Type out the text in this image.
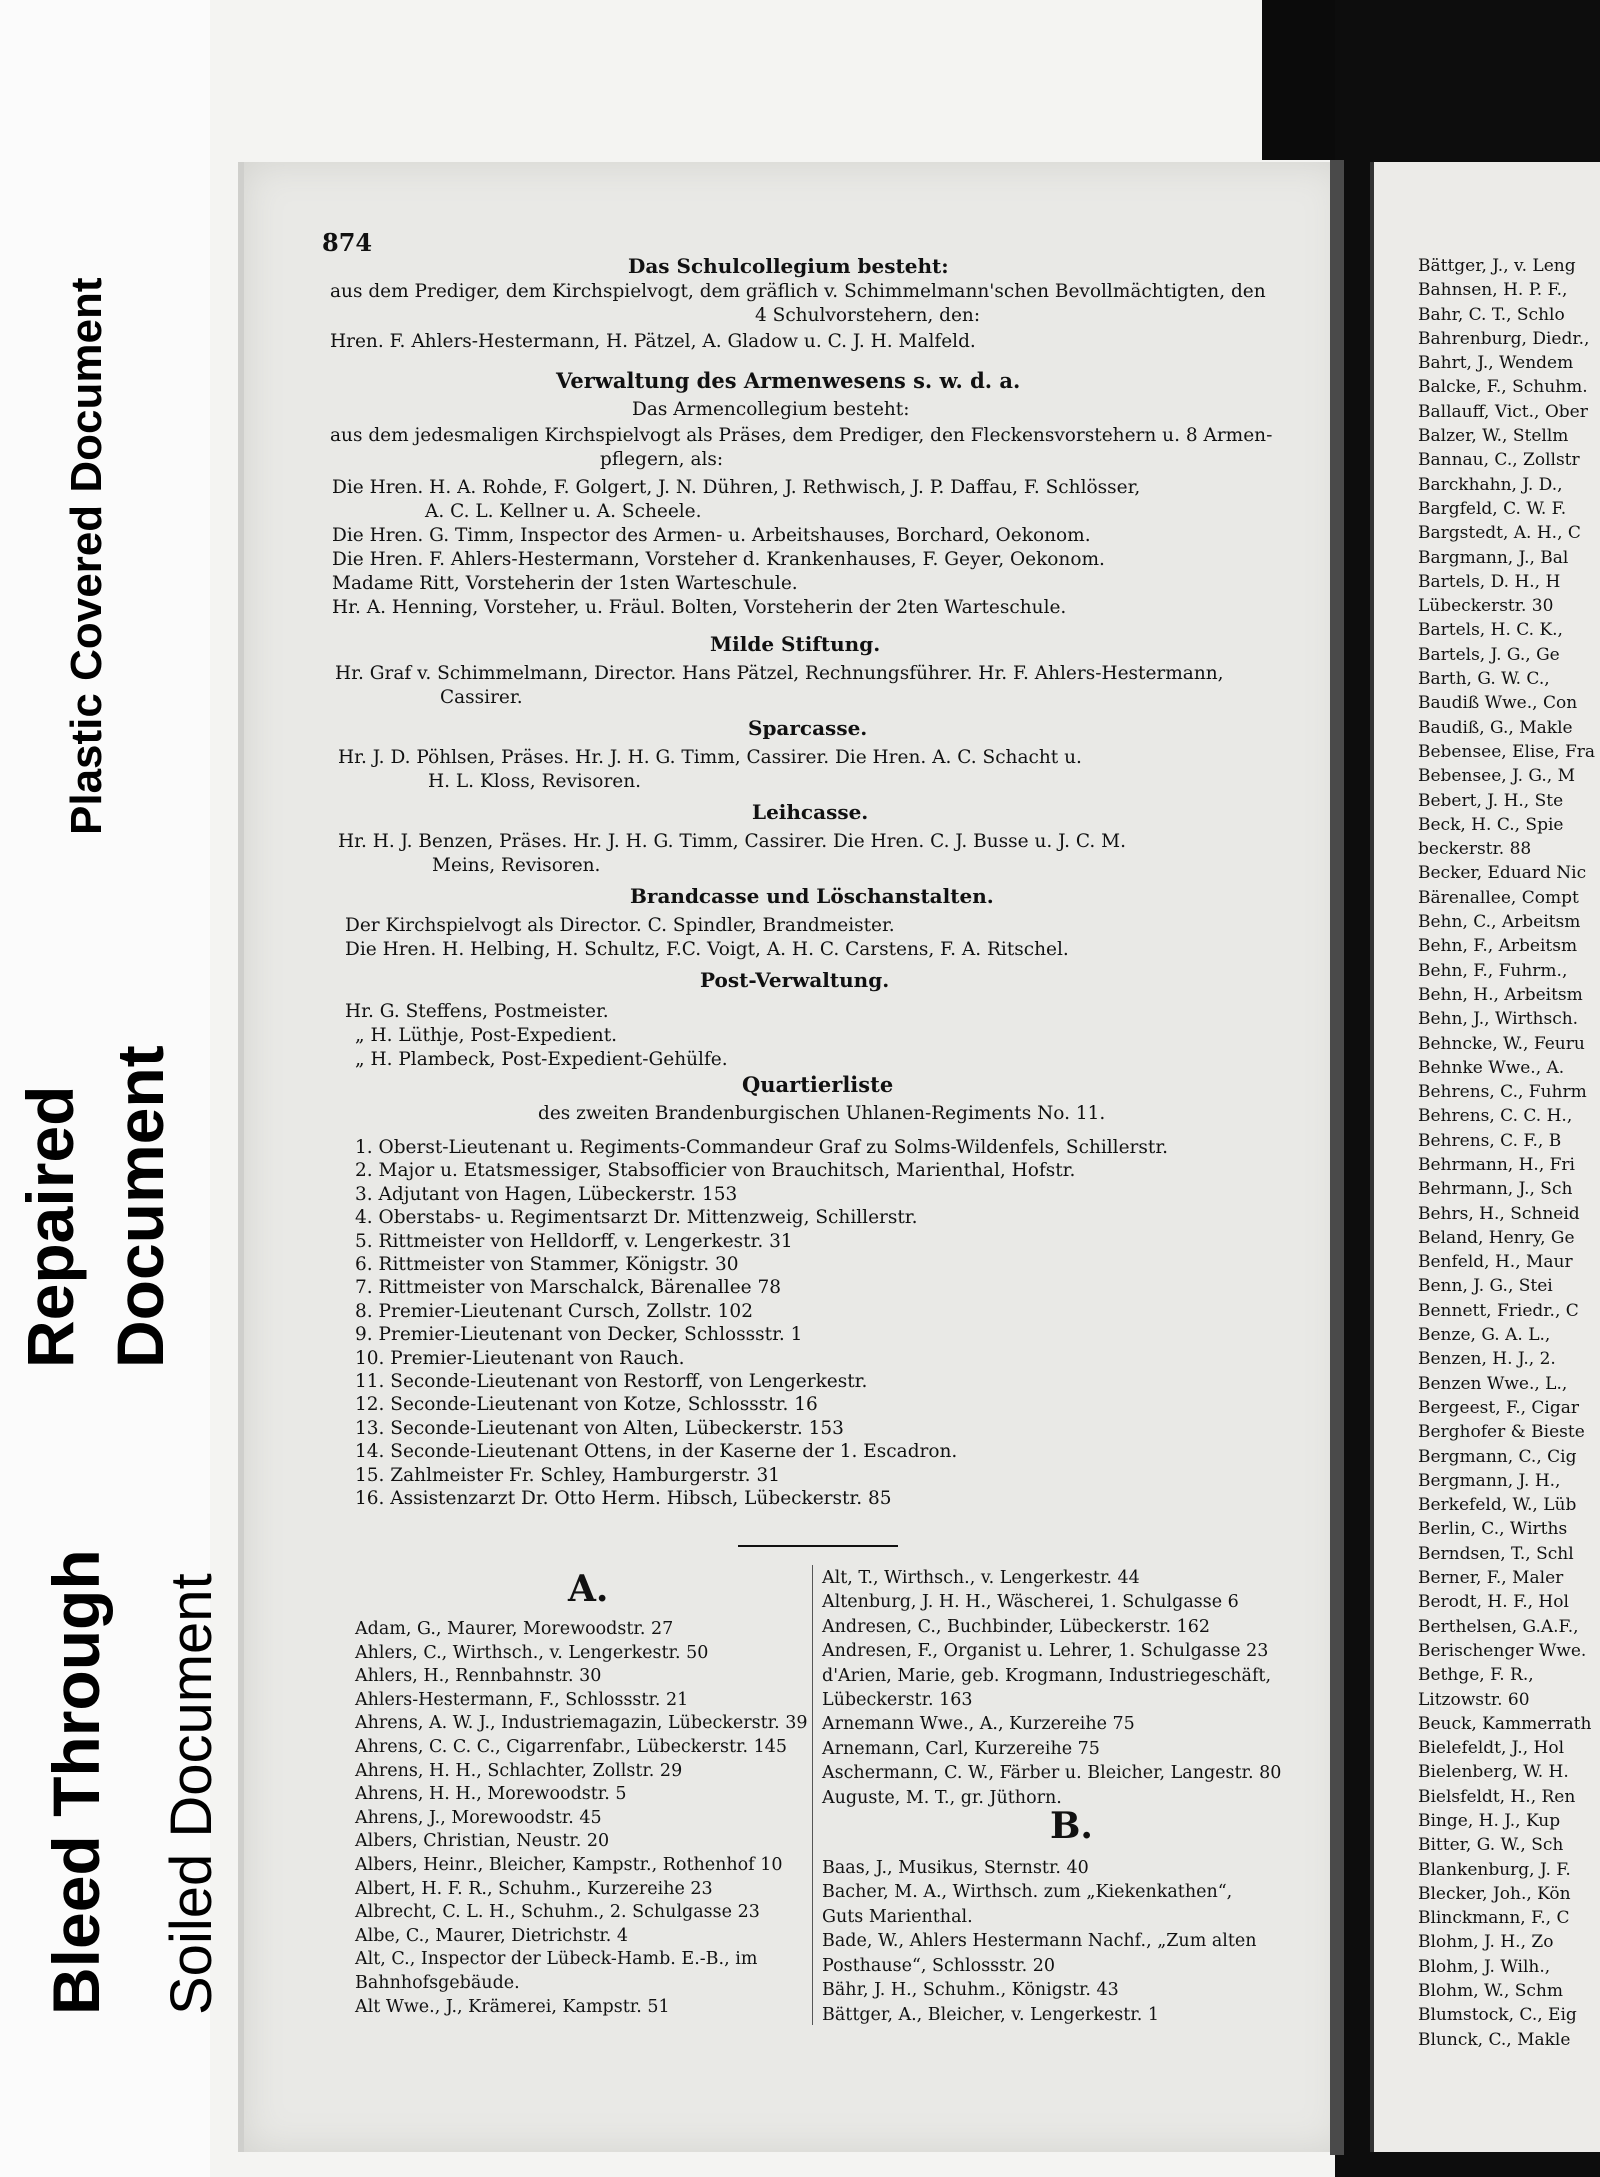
Plastic Covered Document
Repaired Document
Bleed Through Soiled Document
874
Das Schulcollegium besteht:
aus dem Prediger, dem Kirchspielvogt, dem gräflich v. Schimmelmann'schen Bevollmächtigten, den
4 Schulvorstehern, den:
Hren. F. Ahlers-Hestermann, H. Pätzel, A. Gladow u. C. J. H. Malfeld.
Verwaltung des Armenwesens s. w. d. a.
Das Armencollegium besteht:
aus dem jedesmaligen Kirchspielvogt als Präses, dem Prediger, den Fleckensvorstehern u. 8 Armen-
pflegern, als:
Die Hren. H. A. Rohde, F. Golgert, J. N. Dühren, J. Rethwisch, J. P. Daffau, F. Schlösser,
A. C. L. Kellner u. A. Scheele.
Die Hren. G. Timm, Inspector des Armen- u. Arbeitshauses, Borchard, Oekonom.
Die Hren. F. Ahlers-Hestermann, Vorsteher d. Krankenhauses, F. Geyer, Oekonom.
Madame Ritt, Vorsteherin der 1sten Warteschule.
Hr. A. Henning, Vorsteher, u. Fräul. Bolten, Vorsteherin der 2ten Warteschule.
Milde Stiftung.
Hr. Graf v. Schimmelmann, Director. Hans Pätzel, Rechnungsführer. Hr. F. Ahlers-Hestermann,
Cassirer.
Sparcasse.
Hr. J. D. Pöhlsen, Präses. Hr. J. H. G. Timm, Cassirer. Die Hren. A. C. Schacht u.
H. L. Kloss, Revisoren.
Leihcasse.
Hr. H. J. Benzen, Präses. Hr. J. H. G. Timm, Cassirer. Die Hren. C. J. Busse u. J. C. M.
Meins, Revisoren.
Brandcasse und Löschanstalten.
Der Kirchspielvogt als Director. C. Spindler, Brandmeister.
Die Hren. H. Helbing, H. Schultz, F.C. Voigt, A. H. C. Carstens, F. A. Ritschel.
Post-Verwaltung.
Hr. G. Steffens, Postmeister.
„ H. Lüthje, Post-Expedient.
„ H. Plambeck, Post-Expedient-Gehülfe.
Quartierliste
des zweiten Brandenburgischen Uhlanen-Regiments No. 11.
1. Oberst-Lieutenant u. Regiments-Commandeur Graf zu Solms-Wildenfels, Schillerstr.
2. Major u. Etatsmessiger, Stabsofficier von Brauchitsch, Marienthal, Hofstr.
3. Adjutant von Hagen, Lübeckerstr. 153
4. Oberstabs- u. Regimentsarzt Dr. Mittenzweig, Schillerstr.
5. Rittmeister von Helldorff, v. Lengerkestr. 31
6. Rittmeister von Stammer, Königstr. 30
7. Rittmeister von Marschalck, Bärenallee 78
8. Premier-Lieutenant Cursch, Zollstr. 102
9. Premier-Lieutenant von Decker, Schlossstr. 1
10. Premier-Lieutenant von Rauch.
11. Seconde-Lieutenant von Restorff, von Lengerkestr.
12. Seconde-Lieutenant von Kotze, Schlossstr. 16
13. Seconde-Lieutenant von Alten, Lübeckerstr. 153
14. Seconde-Lieutenant Ottens, in der Kaserne der 1. Escadron.
15. Zahlmeister Fr. Schley, Hamburgerstr. 31
16. Assistenzarzt Dr. Otto Herm. Hibsch, Lübeckerstr. 85
A.
Adam, G., Maurer, Morewoodstr. 27
Ahlers, C., Wirthsch., v. Lengerkestr. 50
Ahlers, H., Rennbahnstr. 30
Ahlers-Hestermann, F., Schlossstr. 21
Ahrens, A. W. J., Industriemagazin, Lübeckerstr. 39
Ahrens, C. C. C., Cigarrenfabr., Lübeckerstr. 145
Ahrens, H. H., Schlachter, Zollstr. 29
Ahrens, H. H., Morewoodstr. 5
Ahrens, J., Morewoodstr. 45
Albers, Christian, Neustr. 20
Albers, Heinr., Bleicher, Kampstr., Rothenhof 10
Albert, H. F. R., Schuhm., Kurzereihe 23
Albrecht, C. L. H., Schuhm., 2. Schulgasse 23
Albe, C., Maurer, Dietrichstr. 4
Alt, C., Inspector der Lübeck-Hamb. E.-B., im
Bahnhofsgebäude.
Alt Wwe., J., Krämerei, Kampstr. 51
Alt, T., Wirthsch., v. Lengerkestr. 44
Altenburg, J. H. H., Wäscherei, 1. Schulgasse 6
Andresen, C., Buchbinder, Lübeckerstr. 162
Andresen, F., Organist u. Lehrer, 1. Schulgasse 23
d'Arien, Marie, geb. Krogmann, Industriegeschäft,
Lübeckerstr. 163
Arnemann Wwe., A., Kurzereihe 75
Arnemann, Carl, Kurzereihe 75
Aschermann, C. W., Färber u. Bleicher, Langestr. 80
Auguste, M. T., gr. Jüthorn.
B.
Baas, J., Musikus, Sternstr. 40
Bacher, M. A., Wirthsch. zum „Kiekenkathen“,
Guts Marienthal.
Bade, W., Ahlers Hestermann Nachf., „Zum alten
Posthause“, Schlossstr. 20
Bähr, J. H., Schuhm., Königstr. 43
Bättger, A., Bleicher, v. Lengerkestr. 1
Bättger, J., v. Leng
Bahnsen, H. P. F.,
Bahr, C. T., Schlo
Bahrenburg, Diedr.,
Bahrt, J., Wendem
Balcke, F., Schuhm.
Ballauff, Vict., Ober
Balzer, W., Stellm
Bannau, C., Zollstr
Barckhahn, J. D.,
Bargfeld, C. W. F.
Bargstedt, A. H., C
Bargmann, J., Bal
Bartels, D. H., H
Lübeckerstr. 30
Bartels, H. C. K.,
Bartels, J. G., Ge
Barth, G. W. C.,
Baudiß Wwe., Con
Baudiß, G., Makle
Bebensee, Elise, Fra
Bebensee, J. G., M
Bebert, J. H., Ste
Beck, H. C., Spie
beckerstr. 88
Becker, Eduard Nic
Bärenallee, Compt
Behn, C., Arbeitsm
Behn, F., Arbeitsm
Behn, F., Fuhrm.,
Behn, H., Arbeitsm
Behn, J., Wirthsch.
Behncke, W., Feuru
Behnke Wwe., A.
Behrens, C., Fuhrm
Behrens, C. C. H.,
Behrens, C. F., B
Behrmann, H., Fri
Behrmann, J., Sch
Behrs, H., Schneid
Beland, Henry, Ge
Benfeld, H., Maur
Benn, J. G., Stei
Bennett, Friedr., C
Benze, G. A. L.,
Benzen, H. J., 2.
Benzen Wwe., L.,
Bergeest, F., Cigar
Berghofer & Bieste
Bergmann, C., Cig
Bergmann, J. H.,
Berkefeld, W., Lüb
Berlin, C., Wirths
Berndsen, T., Schl
Berner, F., Maler
Berodt, H. F., Hol
Berthelsen, G.A.F.,
Berischenger Wwe.
Bethge, F. R.,
Litzowstr. 60
Beuck, Kammerrath
Bielefeldt, J., Hol
Bielenberg, W. H.
Bielsfeldt, H., Ren
Binge, H. J., Kup
Bitter, G. W., Sch
Blankenburg, J. F.
Blecker, Joh., Kön
Blinckmann, F., C
Blohm, J. H., Zo
Blohm, J. Wilh.,
Blohm, W., Schm
Blumstock, C., Eig
Blunck, C., Makle
